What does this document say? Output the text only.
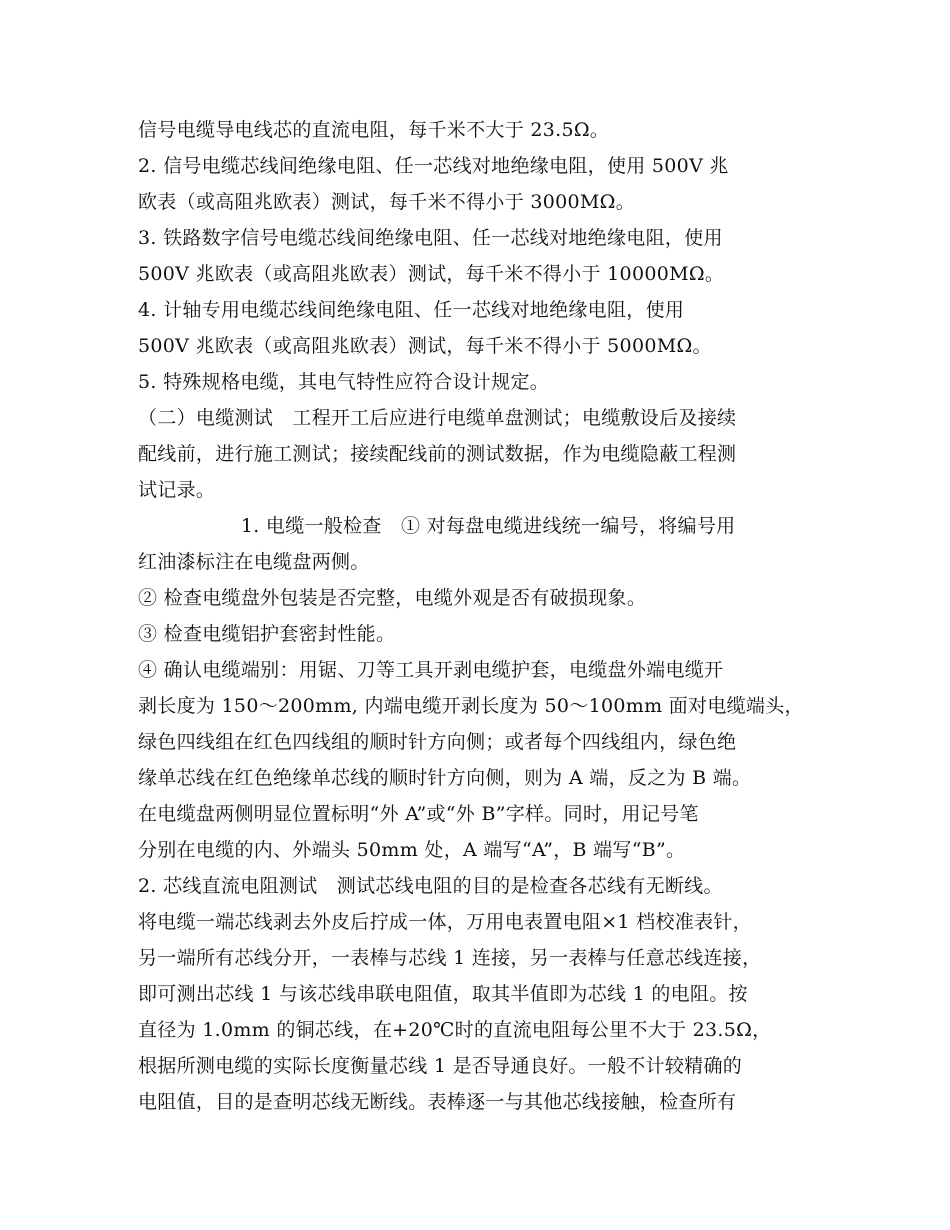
信号电缆导电线芯的直流电阻，每千米不大于 23.5Ω。
2. 信号电缆芯线间绝缘电阻、任一芯线对地绝缘电阻，使用 500V 兆
欧表（或高阻兆欧表）测试，每千米不得小于 3000MΩ。
3. 铁路数字信号电缆芯线间绝缘电阻、任一芯线对地绝缘电阻，使用
500V 兆欧表（或高阻兆欧表）测试，每千米不得小于 10000MΩ。
4. 计轴专用电缆芯线间绝缘电阻、任一芯线对地绝缘电阻，使用
500V 兆欧表（或高阻兆欧表）测试，每千米不得小于 5000MΩ。
5. 特殊规格电缆，其电气特性应符合设计规定。
（二）电缆测试　工程开工后应进行电缆单盘测试；电缆敷设后及接续
配线前，进行施工测试；接续配线前的测试数据，作为电缆隐蔽工程测
试记录。
　　　　　 1. 电缆一般检查　① 对每盘电缆进线统一编号，将编号用
红油漆标注在电缆盘两侧。
② 检查电缆盘外包装是否完整，电缆外观是否有破损现象。
③ 检查电缆铝护套密封性能。
④ 确认电缆端别：用锯、刀等工具开剥电缆护套，电缆盘外端电缆开
剥长度为 150～200mm, 内端电缆开剥长度为 50～100mm 面对电缆端头，
绿色四线组在红色四线组的顺时针方向侧；或者每个四线组内，绿色绝
缘单芯线在红色绝缘单芯线的顺时针方向侧，则为 A 端，反之为 B 端。
在电缆盘两侧明显位置标明“外 A”或“外 B”字样。同时，用记号笔
分别在电缆的内、外端头 50mm 处，A 端写“A”，B 端写“B”。
2. 芯线直流电阻测试　测试芯线电阻的目的是检查各芯线有无断线。
将电缆一端芯线剥去外皮后拧成一体，万用电表置电阻×1 档校准表针，
另一端所有芯线分开，一表棒与芯线 1 连接，另一表棒与任意芯线连接，
即可测出芯线 1 与该芯线串联电阻值，取其半值即为芯线 1 的电阻。按
直径为 1.0mm 的铜芯线，在+20℃时的直流电阻每公里不大于 23.5Ω，
根据所测电缆的实际长度衡量芯线 1 是否导通良好。一般不计较精确的
电阻值，目的是查明芯线无断线。表棒逐一与其他芯线接触，检查所有
